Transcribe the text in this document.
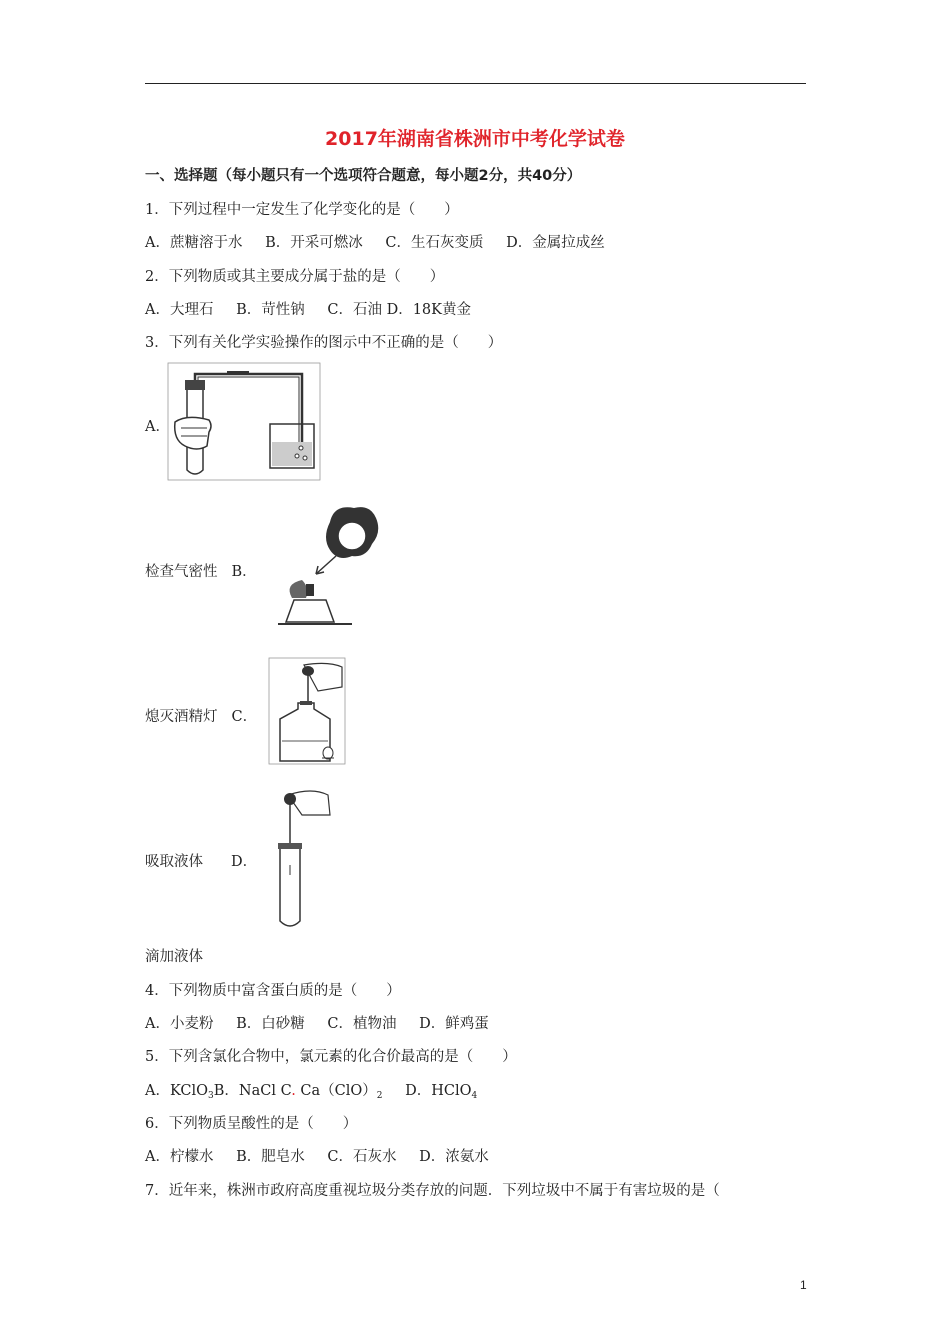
2017年湖南省株洲市中考化学试卷
一、选择题（每小题只有一个选项符合题意，每小题2分，共40分）
1．下列过程中一定发生了化学变化的是（　　）
A．蔗糖溶于水 B．开采可燃冰 C．生石灰变质 D．金属拉成丝
2．下列物质或其主要成分属于盐的是（　　）
A．大理石 B．苛性钠 C．石油 D．18K黄金
3．下列有关化学实验操作的图示中不正确的是（　　）
A．
检查气密性 B．
熄灭酒精灯 C．
吸取液体 D．
滴加液体
4．下列物质中富含蛋白质的是（　　）
A．小麦粉 B．白砂糖 C．植物油 D．鲜鸡蛋
5．下列含氯化合物中，氯元素的化合价最高的是（　　）
A．KClO$_3$B．NaCl C. $Ca(ClO)_2$ D．HClO$_4$
6．下列物质呈酸性的是（　　）
A．柠檬水 B．肥皂水 C．石灰水 D．浓氨水
7．近年来，株洲市政府高度重视垃圾分类存放的问题．下列垃圾中不属于有害垃圾的是（
1
